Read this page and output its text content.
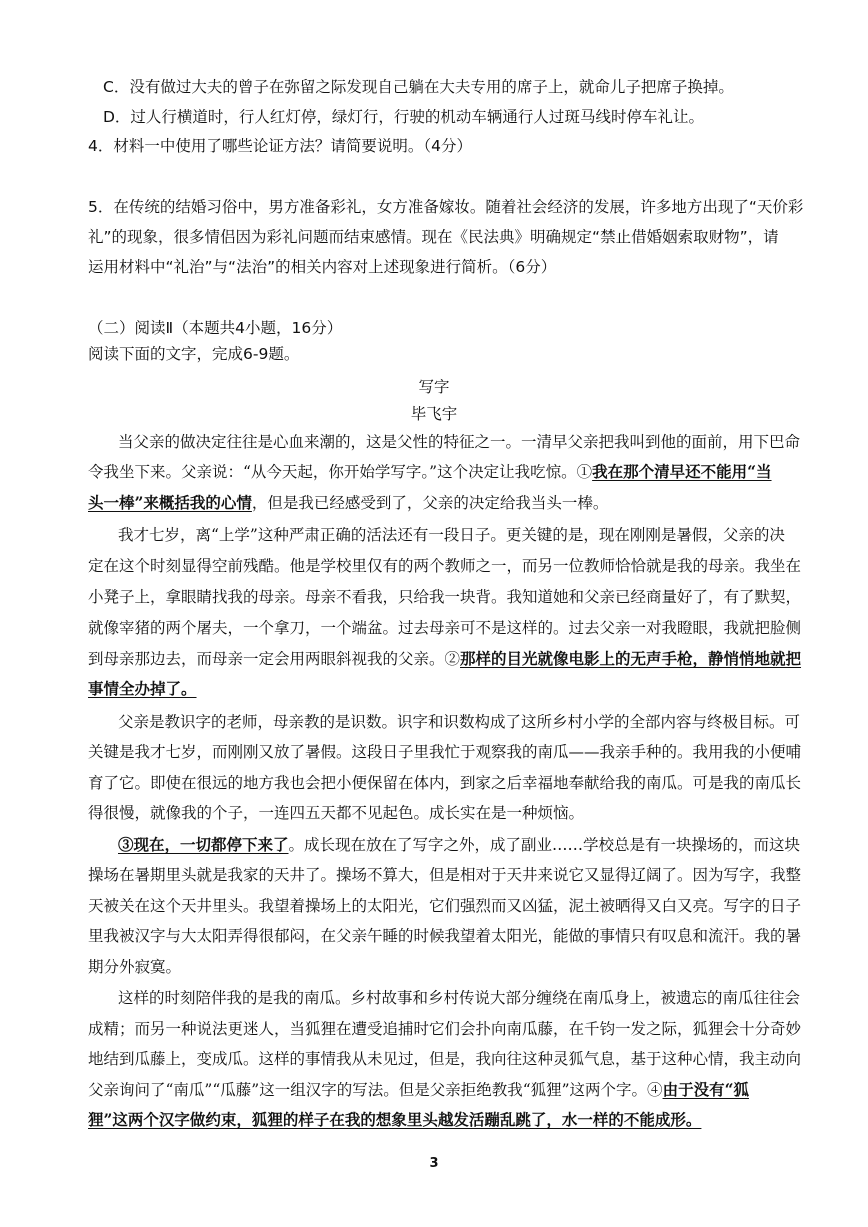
C．没有做过大夫的曾子在弥留之际发现自己躺在大夫专用的席子上，就命儿子把席子换掉。
D．过人行横道时，行人红灯停，绿灯行，行驶的机动车辆通行人过斑马线时停车礼让。
4．材料一中使用了哪些论证方法？请简要说明。（4分）
5．在传统的结婚习俗中，男方准备彩礼，女方准备嫁妆。随着社会经济的发展，许多地方出现了“天价彩
礼”的现象，很多情侣因为彩礼问题而结束感情。现在《民法典》明确规定“禁止借婚姻索取财物”，请
运用材料中“礼治”与“法治”的相关内容对上述现象进行简析。（6分）
（二）阅读Ⅱ（本题共4小题，16分）
阅读下面的文字，完成6-9题。
写字
毕飞宇
当父亲的做决定往往是心血来潮的，这是父性的特征之一。一清早父亲把我叫到他的面前，用下巴命
令我坐下来。父亲说：“从今天起，你开始学写字。”这个决定让我吃惊。①我在那个清早还不能用“当
头一棒”来概括我的心情，但是我已经感受到了，父亲的决定给我当头一棒。
我才七岁，离“上学”这种严肃正确的活法还有一段日子。更关键的是，现在刚刚是暑假，父亲的决
定在这个时刻显得空前残酷。他是学校里仅有的两个教师之一，而另一位教师恰恰就是我的母亲。我坐在
小凳子上，拿眼睛找我的母亲。母亲不看我，只给我一块背。我知道她和父亲已经商量好了，有了默契，
就像宰猪的两个屠夫，一个拿刀，一个端盆。过去母亲可不是这样的。过去父亲一对我瞪眼，我就把脸侧
到母亲那边去，而母亲一定会用两眼斜视我的父亲。②那样的目光就像电影上的无声手枪，静悄悄地就把
事情全办掉了。
父亲是教识字的老师，母亲教的是识数。识字和识数构成了这所乡村小学的全部内容与终极目标。可
关键是我才七岁，而刚刚又放了暑假。这段日子里我忙于观察我的南瓜——我亲手种的。我用我的小便哺
育了它。即使在很远的地方我也会把小便保留在体内，到家之后幸福地奉献给我的南瓜。可是我的南瓜长
得很慢，就像我的个子，一连四五天都不见起色。成长实在是一种烦恼。
③现在，一切都停下来了。成长现在放在了写字之外，成了副业……学校总是有一块操场的，而这块
操场在暑期里头就是我家的天井了。操场不算大，但是相对于天井来说它又显得辽阔了。因为写字，我整
天被关在这个天井里头。我望着操场上的太阳光，它们强烈而又凶猛，泥土被晒得又白又亮。写字的日子
里我被汉字与大太阳弄得很郁闷，在父亲午睡的时候我望着太阳光，能做的事情只有叹息和流汗。我的暑
期分外寂寞。
这样的时刻陪伴我的是我的南瓜。乡村故事和乡村传说大部分缠绕在南瓜身上，被遗忘的南瓜往往会
成精；而另一种说法更迷人，当狐狸在遭受追捕时它们会扑向南瓜藤，在千钧一发之际，狐狸会十分奇妙
地结到瓜藤上，变成瓜。这样的事情我从未见过，但是，我向往这种灵狐气息，基于这种心情，我主动向
父亲询问了“南瓜”“瓜藤”这一组汉字的写法。但是父亲拒绝教我“狐狸”这两个字。④由于没有“狐
狸”这两个汉字做约束，狐狸的样子在我的想象里头越发活蹦乱跳了，水一样的不能成形。
3
